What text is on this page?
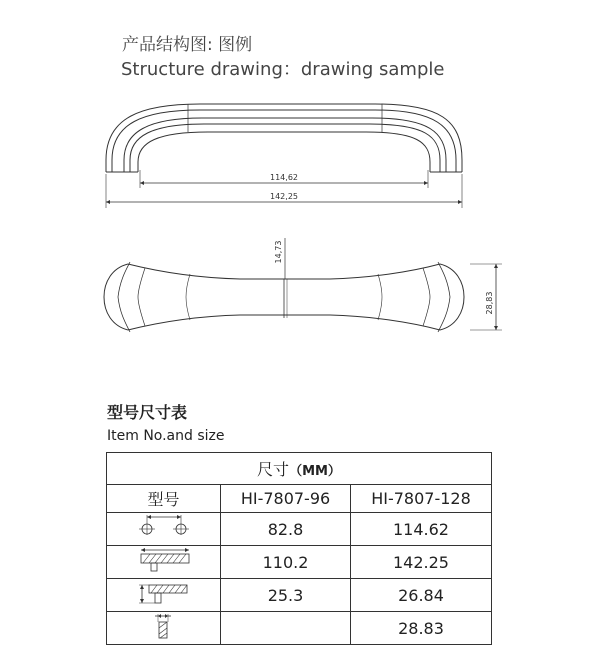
产品结构图: 图例
Structure drawing：drawing sample
114,62
142,25
14,73
28,83
型号尺寸表
Item No.and size
尺寸（MM）		
型号	HI-7807-96	HI-7807-128
	82.8	114.62
	110.2	142.25
	25.3	26.84
		28.83
